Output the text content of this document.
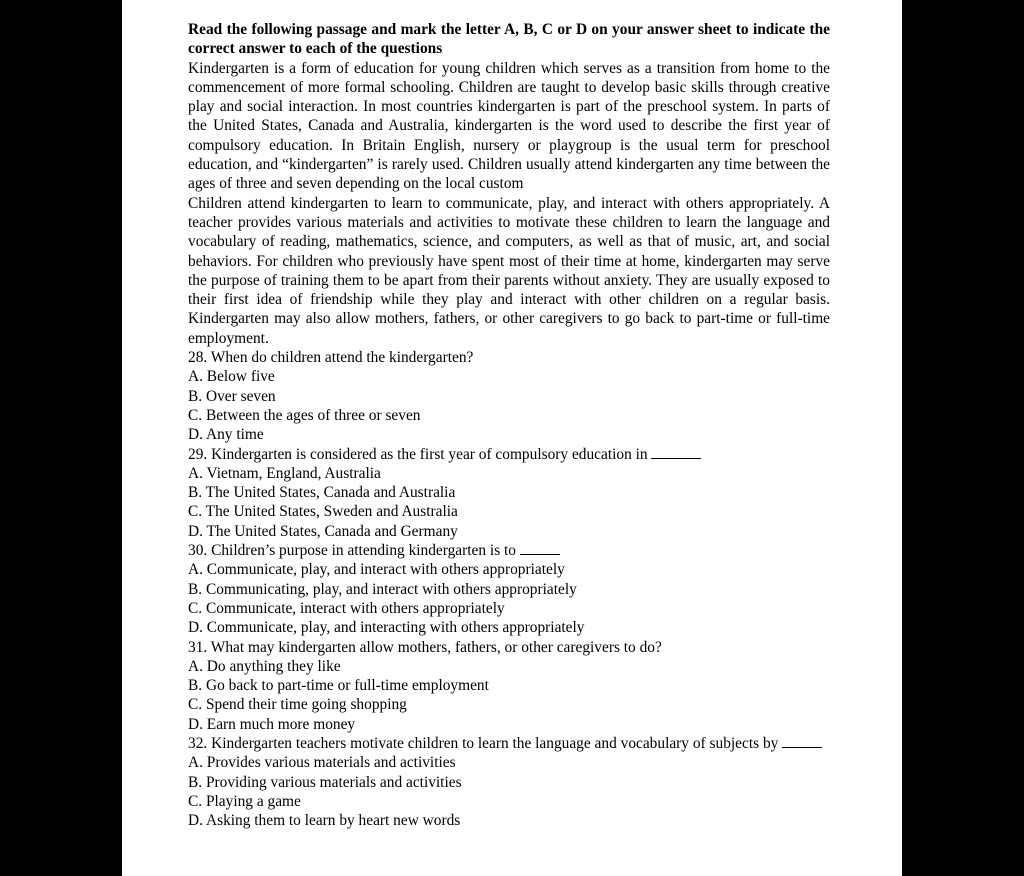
Read the following passage and mark the letter A, B, C or D on your answer sheet to indicate the correct answer to each of the questions

Kindergarten is a form of education for young children which serves as a transition from home to the commencement of more formal schooling. Children are taught to develop basic skills through creative play and social interaction. In most countries kindergarten is part of the preschool system. In parts of the United States, Canada and Australia, kindergarten is the word used to describe the first year of compulsory education. In Britain English, nursery or playgroup is the usual term for preschool education, and “kindergarten” is rarely used. Children usually attend kindergarten any time between the ages of three and seven depending on the local custom

Children attend kindergarten to learn to communicate, play, and interact with others appropriately. A teacher provides various materials and activities to motivate these children to learn the language and vocabulary of reading, mathematics, science, and computers, as well as that of music, art, and social behaviors. For children who previously have spent most of their time at home, kindergarten may serve the purpose of training them to be apart from their parents without anxiety. They are usually exposed to their first idea of friendship while they play and interact with other children on a regular basis. Kindergarten may also allow mothers, fathers, or other caregivers to go back to part-time or full-time employment.

28. When do children attend the kindergarten?

A. Below five

B. Over seven

C. Between the ages of three or seven

D. Any time

29. Kindergarten is considered as the first year of compulsory education in

A. Vietnam, England, Australia

B. The United States, Canada and Australia

C. The United States, Sweden and Australia

D. The United States, Canada and Germany

30. Children’s purpose in attending kindergarten is to

A. Communicate, play, and interact with others appropriately

B. Communicating, play, and interact with others appropriately

C. Communicate, interact with others appropriately

D. Communicate, play, and interacting with others appropriately

31. What may kindergarten allow mothers, fathers, or other caregivers to do?

A. Do anything they like

B. Go back to part-time or full-time employment

C. Spend their time going shopping

D. Earn much more money

32. Kindergarten teachers motivate children to learn the language and vocabulary of subjects by

A. Provides various materials and activities

B. Providing various materials and activities

C. Playing a game

D. Asking them to learn by heart new words
